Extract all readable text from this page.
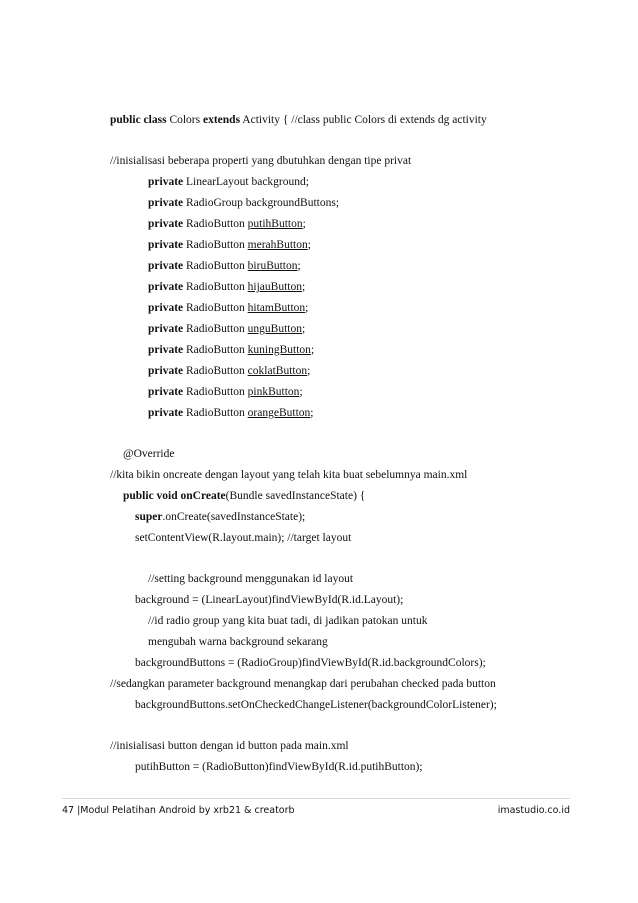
public class Colors extends Activity { //class public Colors di extends dg activity
//inisialisasi beberapa properti yang dbutuhkan dengan tipe privat
private LinearLayout background;
private RadioGroup backgroundButtons;
private RadioButton putihButton;
private RadioButton merahButton;
private RadioButton biruButton;
private RadioButton hijauButton;
private RadioButton hitamButton;
private RadioButton unguButton;
private RadioButton kuningButton;
private RadioButton coklatButton;
private RadioButton pinkButton;
private RadioButton orangeButton;
@Override
//kita bikin oncreate dengan layout yang telah kita buat sebelumnya main.xml
public void onCreate(Bundle savedInstanceState) {
super.onCreate(savedInstanceState);
setContentView(R.layout.main); //target layout
//setting background menggunakan id layout
background = (LinearLayout)findViewById(R.id.Layout);
//id radio group yang kita buat tadi, di jadikan patokan untuk
mengubah warna background sekarang
backgroundButtons = (RadioGroup)findViewById(R.id.backgroundColors);
//sedangkan parameter background menangkap dari perubahan checked pada button
backgroundButtons.setOnCheckedChangeListener(backgroundColorListener);
//inisialisasi button dengan id button pada main.xml
putihButton = (RadioButton)findViewById(R.id.putihButton);
47 |Modul Pelatihan Android by xrb21 & creatorb	imastudio.co.id
